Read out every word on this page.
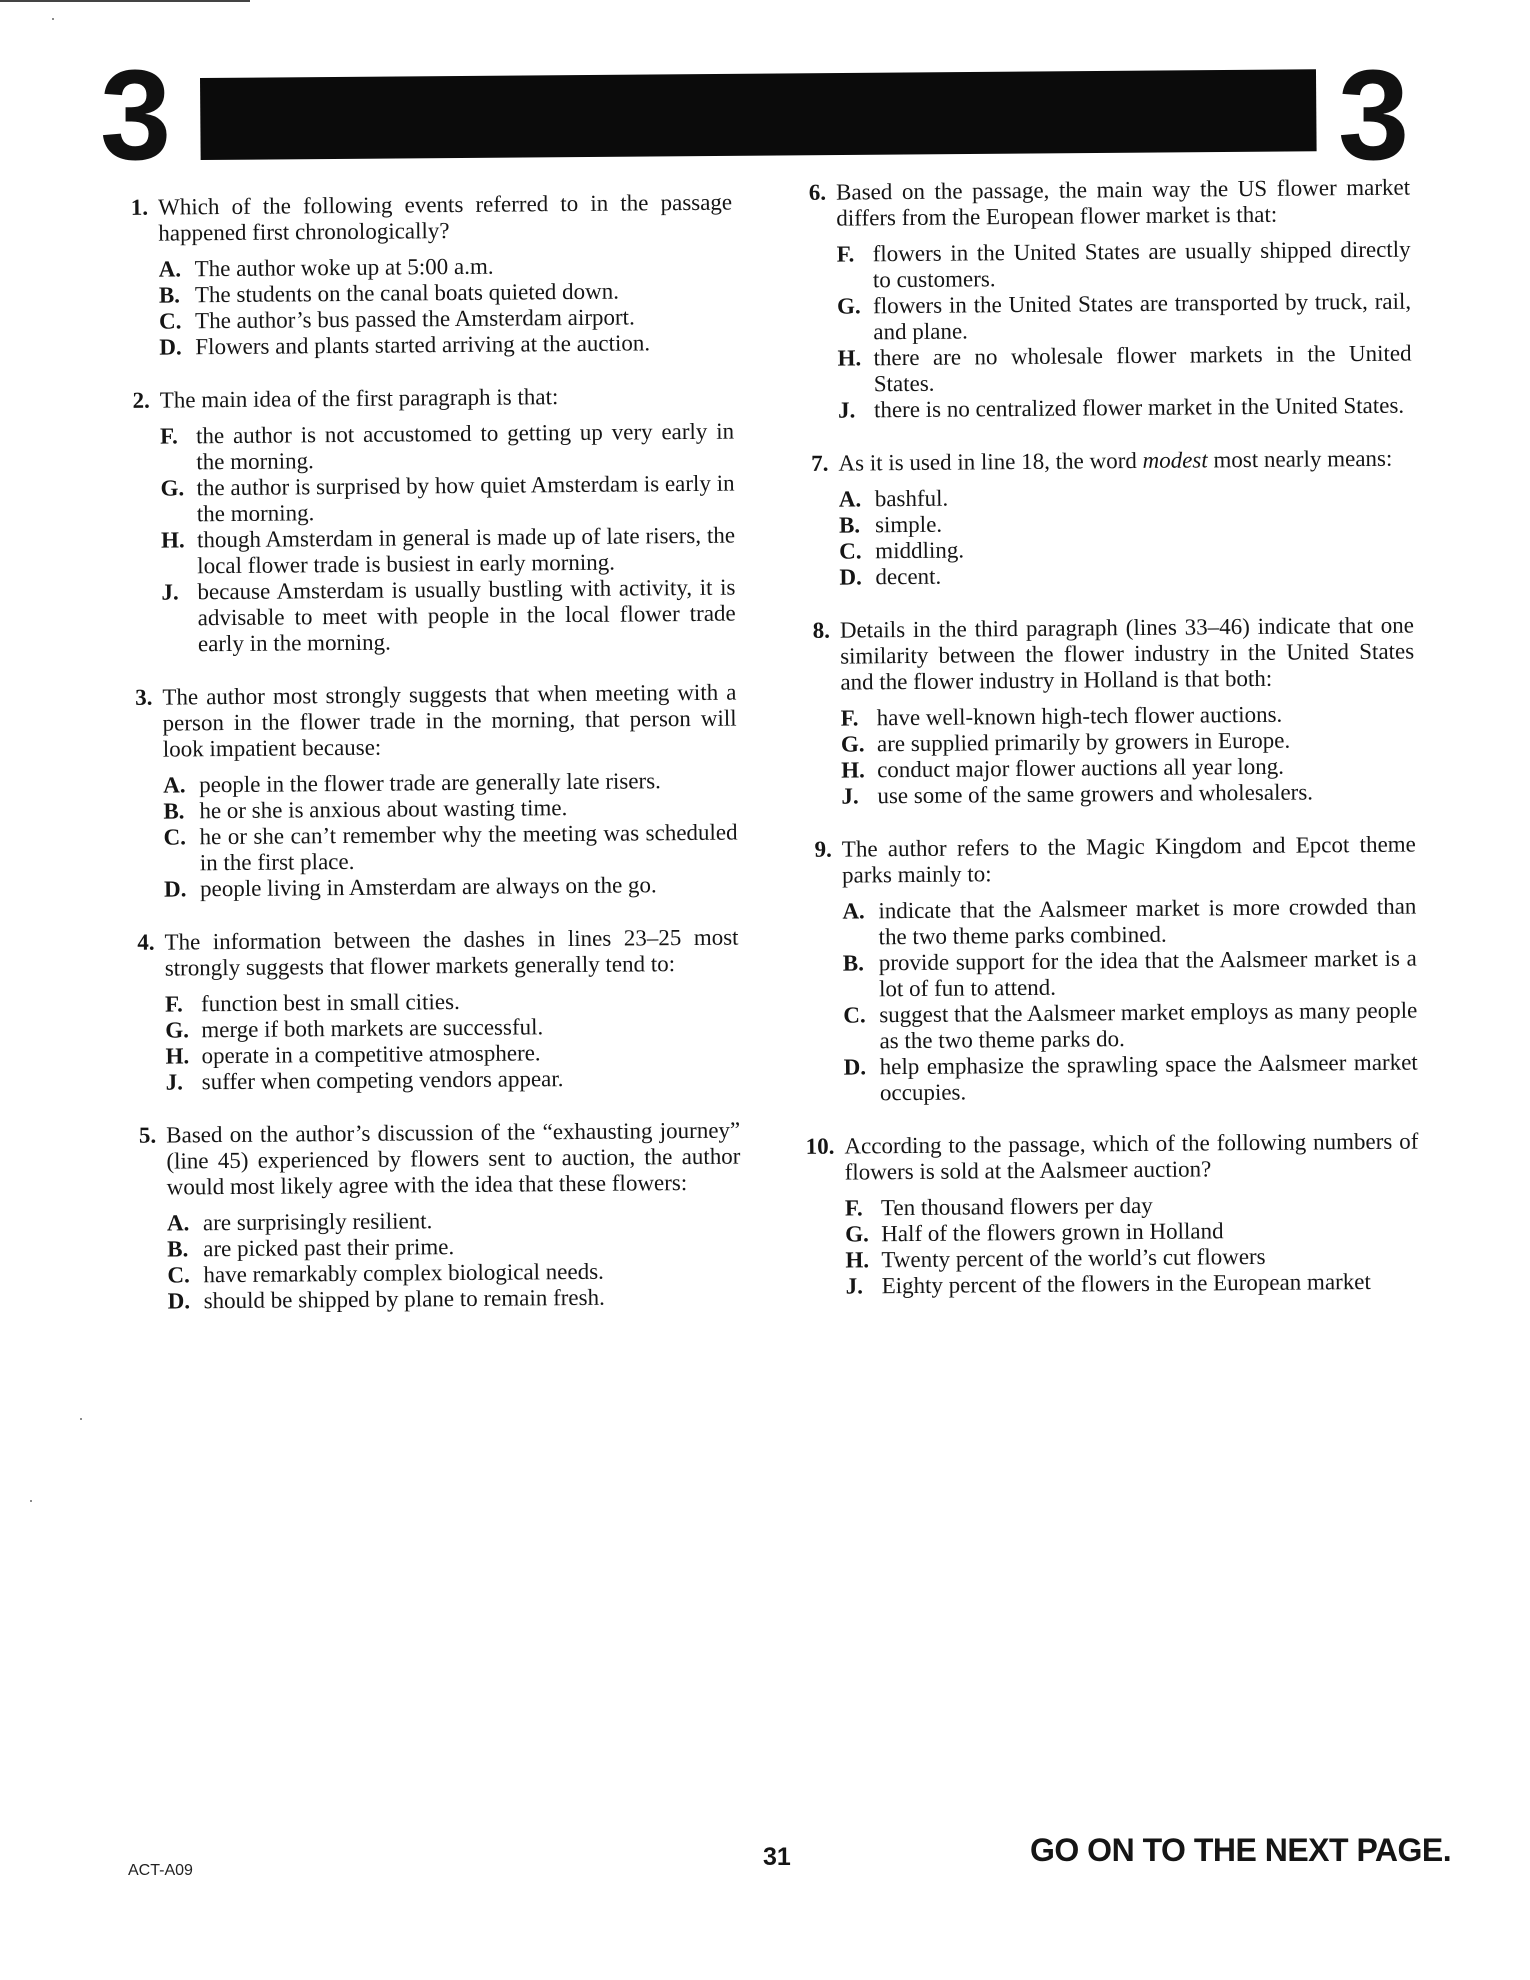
3	3
1. Which of the following events referred to in the passage happened first chronologically?
A. The author woke up at 5:00 a.m.
B. The students on the canal boats quieted down.
C. The author’s bus passed the Amsterdam airport.
D. Flowers and plants started arriving at the auction.
2. The main idea of the first paragraph is that:
F. the author is not accustomed to getting up very early in the morning.
G. the author is surprised by how quiet Amsterdam is early in the morning.
H. though Amsterdam in general is made up of late risers, the local flower trade is busiest in early morning.
J. because Amsterdam is usually bustling with activity, it is advisable to meet with people in the local flower trade early in the morning.
3. The author most strongly suggests that when meeting with a person in the flower trade in the morning, that person will look impatient because:
A. people in the flower trade are generally late risers.
B. he or she is anxious about wasting time.
C. he or she can’t remember why the meeting was scheduled in the first place.
D. people living in Amsterdam are always on the go.
4. The information between the dashes in lines 23–25 most strongly suggests that flower markets generally tend to:
F. function best in small cities.
G. merge if both markets are successful.
H. operate in a competitive atmosphere.
J. suffer when competing vendors appear.
5. Based on the author’s discussion of the “exhausting journey” (line 45) experienced by flowers sent to auction, the author would most likely agree with the idea that these flowers:
A. are surprisingly resilient.
B. are picked past their prime.
C. have remarkably complex biological needs.
D. should be shipped by plane to remain fresh.
6. Based on the passage, the main way the US flower market differs from the European flower market is that:
F. flowers in the United States are usually shipped directly to customers.
G. flowers in the United States are transported by truck, rail, and plane.
H. there are no wholesale flower markets in the United States.
J. there is no centralized flower market in the United States.
7. As it is used in line 18, the word modest most nearly means:
A. bashful.
B. simple.
C. middling.
D. decent.
8. Details in the third paragraph (lines 33–46) indicate that one similarity between the flower industry in the United States and the flower industry in Holland is that both:
F. have well-known high-tech flower auctions.
G. are supplied primarily by growers in Europe.
H. conduct major flower auctions all year long.
J. use some of the same growers and wholesalers.
9. The author refers to the Magic Kingdom and Epcot theme parks mainly to:
A. indicate that the Aalsmeer market is more crowded than the two theme parks combined.
B. provide support for the idea that the Aalsmeer market is a lot of fun to attend.
C. suggest that the Aalsmeer market employs as many people as the two theme parks do.
D. help emphasize the sprawling space the Aalsmeer market occupies.
10. According to the passage, which of the following numbers of flowers is sold at the Aalsmeer auction?
F. Ten thousand flowers per day
G. Half of the flowers grown in Holland
H. Twenty percent of the world’s cut flowers
J. Eighty percent of the flowers in the European market
ACT-A09	31	GO ON TO THE NEXT PAGE.
